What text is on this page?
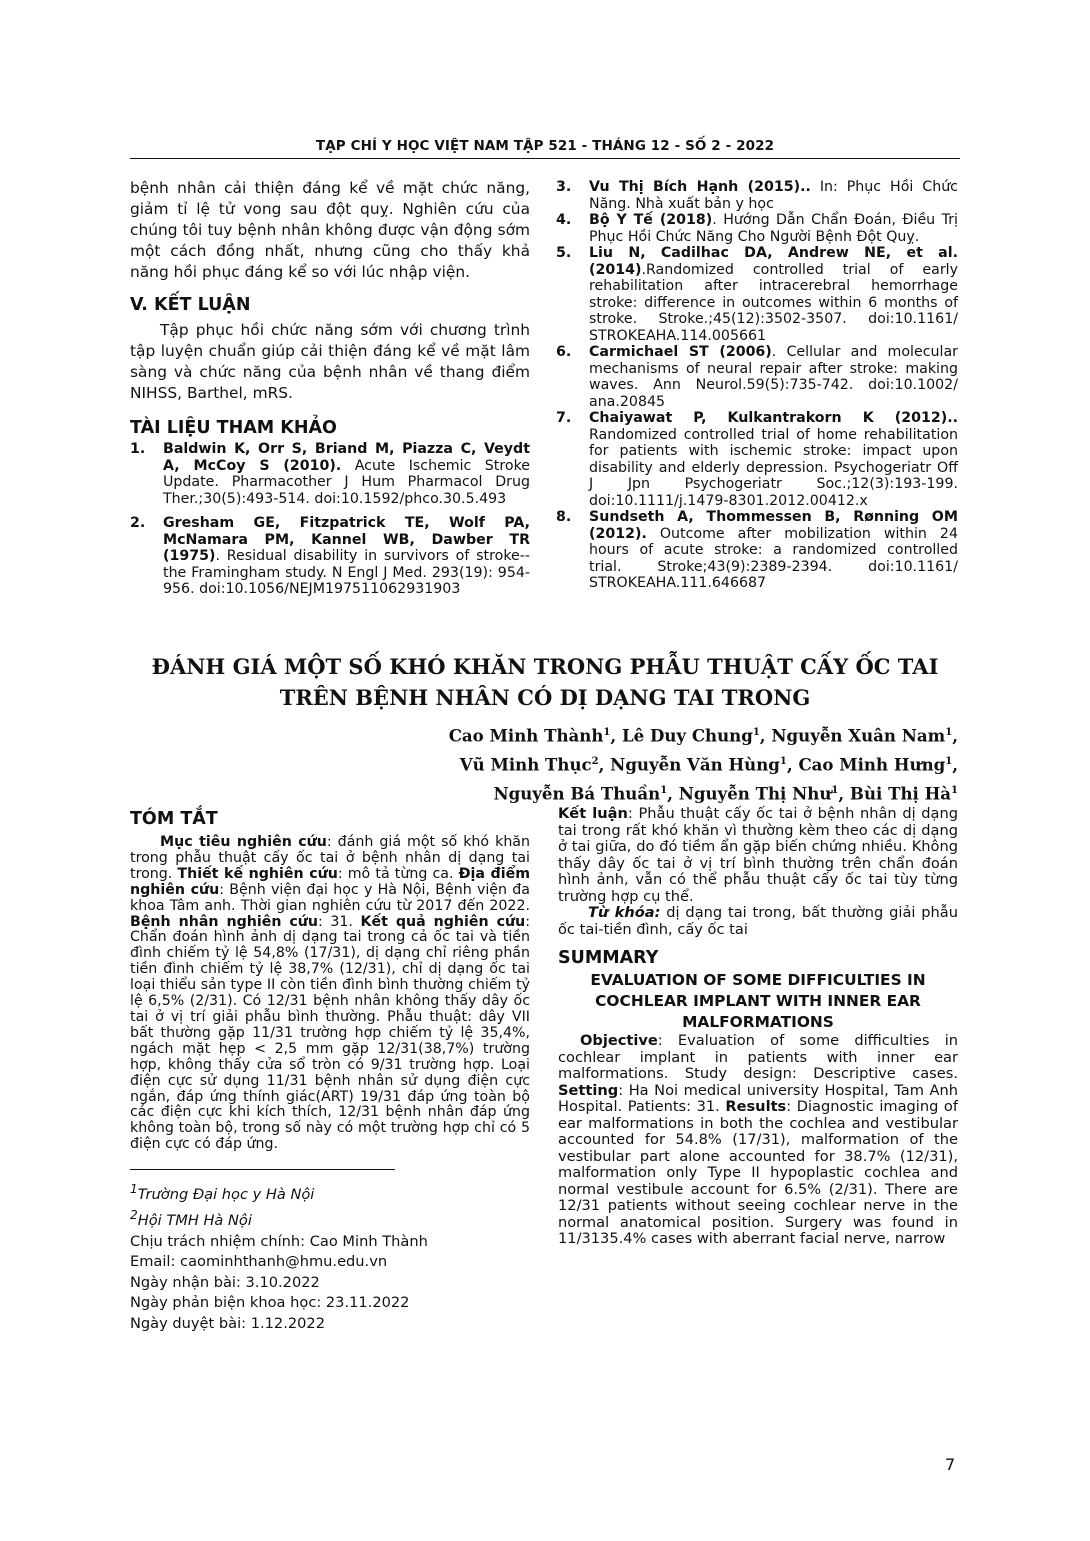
TẠP CHÍ Y HỌC VIỆT NAM TẬP 521 - THÁNG 12 - SỐ 2 - 2022

bệnh nhân cải thiện đáng kể về mặt chức năng, giảm tỉ lệ tử vong sau đột quỵ. Nghiên cứu của chúng tôi tuy bệnh nhân không được vận động sớm một cách đồng nhất, nhưng cũng cho thấy khả năng hồi phục đáng kể so với lúc nhập viện.

V. KẾT LUẬN

Tập phục hồi chức năng sớm với chương trình tập luyện chuẩn giúp cải thiện đáng kể về mặt lâm sàng và chức năng của bệnh nhân về thang điểm NIHSS, Barthel, mRS.

TÀI LIỆU THAM KHẢO
1. Baldwin K, Orr S, Briand M, Piazza C, Veydt A, McCoy S (2010). Acute Ischemic Stroke Update. Pharmacother J Hum Pharmacol Drug Ther.;30(5):493-514. doi:10.1592/phco.30.5.493
2. Gresham GE, Fitzpatrick TE, Wolf PA, McNamara PM, Kannel WB, Dawber TR (1975). Residual disability in survivors of stroke--the Framingham study. N Engl J Med. 293(19): 954-956. doi:10.1056/NEJM197511062931903
3. Vu Thị Bích Hạnh (2015).. In: Phục Hồi Chức Năng. Nhà xuất bản y học
4. Bộ Y Tế (2018). Hướng Dẫn Chẩn Đoán, Điều Trị Phục Hồi Chức Năng Cho Người Bệnh Đột Quỵ.
5. Liu N, Cadilhac DA, Andrew NE, et al. (2014).Randomized controlled trial of early rehabilitation after intracerebral hemorrhage stroke: difference in outcomes within 6 months of stroke. Stroke.;45(12):3502-3507. doi:10.1161/ STROKEAHA.114.005661
6. Carmichael ST (2006). Cellular and molecular mechanisms of neural repair after stroke: making waves. Ann Neurol.59(5):735-742. doi:10.1002/ ana.20845
7. Chaiyawat P, Kulkantrakorn K (2012).. Randomized controlled trial of home rehabilitation for patients with ischemic stroke: impact upon disability and elderly depression. Psychogeriatr Off J Jpn Psychogeriatr Soc.;12(3):193-199. doi:10.1111/j.1479-8301.2012.00412.x
8. Sundseth A, Thommessen B, Rønning OM (2012). Outcome after mobilization within 24 hours of acute stroke: a randomized controlled trial. Stroke;43(9):2389-2394. doi:10.1161/ STROKEAHA.111.646687
ĐÁNH GIÁ MỘT SỐ KHÓ KHĂN TRONG PHẪU THUẬT CẤY ỐC TAI
TRÊN BỆNH NHÂN CÓ DỊ DẠNG TAI TRONG
Cao Minh Thành$^1$, Lê Duy Chung$^1$, Nguyễn Xuân Nam$^1$,
Vũ Minh Thục$^2$, Nguyễn Văn Hùng$^1$, Cao Minh Hưng$^1$,
Nguyễn Bá Thuần$^1$, Nguyễn Thị Như$^1$, Bùi Thị $Hà^1$
TÓM TẮT

Mục tiêu nghiên cứu: đánh giá một số khó khăn trong phẫu thuật cấy ốc tai ở bệnh nhân dị dạng tai trong. Thiết kế nghiên cứu: mô tả từng ca. Địa điểm nghiên cứu: Bệnh viện đại học y Hà Nội, Bệnh viện đa khoa Tâm anh. Thời gian nghiên cứu từ 2017 đến 2022. Bệnh nhân nghiên cứu: 31. Kết quả nghiên cứu: Chẩn đoán hình ảnh dị dạng tai trong cả ốc tai và tiền đình chiếm tỷ lệ 54,8% (17/31), dị dạng chỉ riêng phần tiền đình chiếm tỷ lệ 38,7% (12/31), chỉ dị dạng ốc tai loại thiểu sản type II còn tiền đình bình thường chiếm tỷ lệ 6,5% (2/31). Có 12/31 bệnh nhân không thấy dây ốc tai ở vị trí giải phẫu bình thường. Phẫu thuật: dây VII bất thường gặp 11/31 trường hợp chiếm tỷ lệ 35,4%, ngách mặt hẹp < 2,5 mm gặp 12/31(38,7%) trường hợp, không thấy cửa sổ tròn có 9/31 trường hợp. Loại điện cực sử dụng 11/31 bệnh nhân sử dụng điện cực ngắn, đáp ứng thính giác(ART) 19/31 đáp ứng toàn bộ các điện cực khi kích thích, 12/31 bệnh nhân đáp ứng không toàn bộ, trong số này có một trường hợp chỉ có 5 điện cực có đáp ứng.

$^1$Trường Đại học y Hà Nội
$^2$Hội TMH Hà Nội
Chịu trách nhiệm chính: Cao Minh Thành
Email: caominhthanh@hmu.edu.vn
Ngày nhận bài: 3.10.2022
Ngày phản biện khoa học: 23.11.2022
Ngày duyệt bài: 1.12.2022

Kết luận: Phẫu thuật cấy ốc tai ở bệnh nhân dị dạng tai trong rất khó khăn vì thường kèm theo các dị dạng ở tai giữa, do đó tiềm ẩn gặp biến chứng nhiều. Không thấy dây ốc tai ở vị trí bình thường trên chẩn đoán hình ảnh, vẫn có thể phẫu thuật cấy ốc tai tùy từng trường hợp cụ thể.

Từ khóa: dị dạng tai trong, bất thường giải phẫu ốc tai-tiền đình, cấy ốc tai
SUMMARY
EVALUATION OF SOME DIFFICULTIES IN COCHLEAR IMPLANT WITH INNER EAR MALFORMATIONS

Objective: Evaluation of some difficulties in cochlear implant in patients with inner ear malformations. Study design: Descriptive cases. Setting: Ha Noi medical university Hospital, Tam Anh Hospital. Patients: 31. Results: Diagnostic imaging of ear malformations in both the cochlea and vestibular accounted for 54.8% (17/31), malformation of the vestibular part alone accounted for 38.7% (12/31), malformation only Type II hypoplastic cochlea and normal vestibule account for 6.5% (2/31). There are 12/31 patients without seeing cochlear nerve in the normal anatomical position. Surgery was found in 11/3135.4% cases with aberrant facial nerve, narrow

7
